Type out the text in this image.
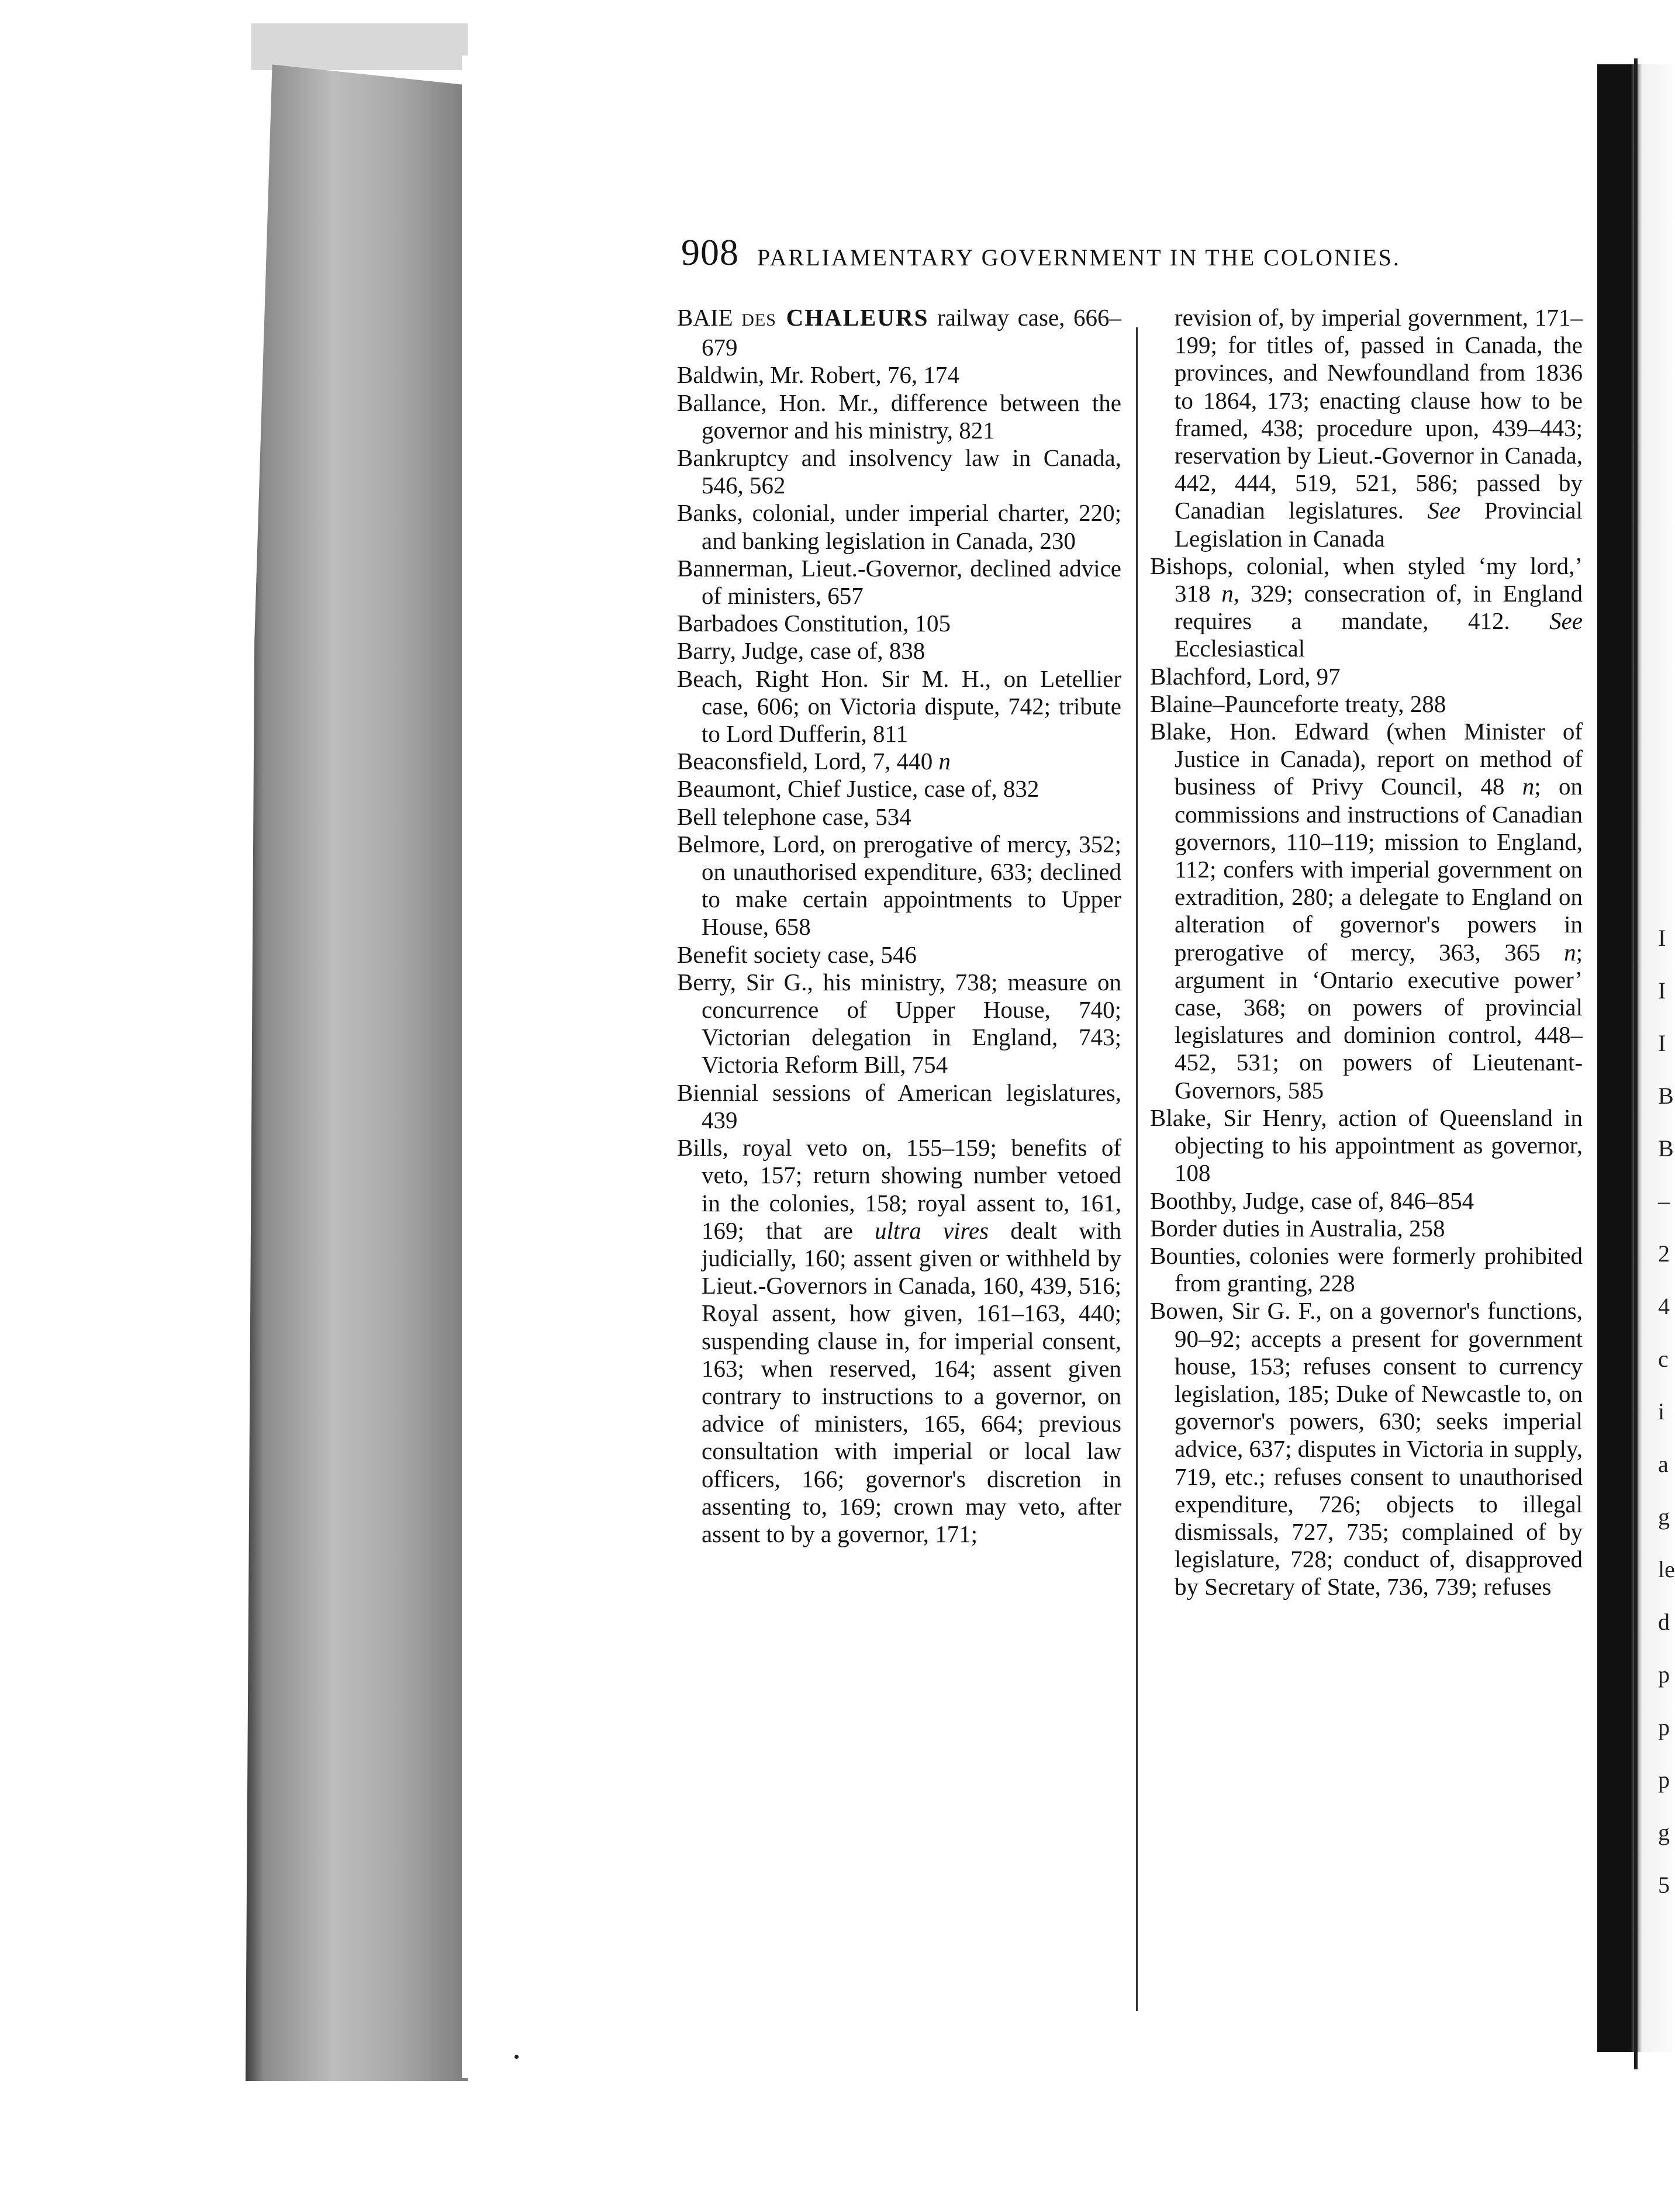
908 PARLIAMENTARY GOVERNMENT IN THE COLONIES.

BAIE DES CHALEURS railway case, 666–679

Baldwin, Mr. Robert, 76, 174

Ballance, Hon. Mr., difference between the governor and his ministry, 821

Bankruptcy and insolvency law in Canada, 546, 562

Banks, colonial, under imperial charter, 220; and banking legislation in Canada, 230

Bannerman, Lieut.-Governor, declined advice of ministers, 657

Barbadoes Constitution, 105

Barry, Judge, case of, 838

Beach, Right Hon. Sir M. H., on Letellier case, 606; on Victoria dispute, 742; tribute to Lord Dufferin, 811

Beaconsfield, Lord, 7, 440 n

Beaumont, Chief Justice, case of, 832

Bell telephone case, 534

Belmore, Lord, on prerogative of mercy, 352; on unauthorised expenditure, 633; declined to make certain appointments to Upper House, 658

Benefit society case, 546

Berry, Sir G., his ministry, 738; measure on concurrence of Upper House, 740; Victorian delegation in England, 743; Victoria Reform Bill, 754

Biennial sessions of American legislatures, 439

Bills, royal veto on, 155–159; benefits of veto, 157; return showing number vetoed in the colonies, 158; royal assent to, 161, 169; that are ultra vires dealt with judicially, 160; assent given or withheld by Lieut.-Governors in Canada, 160, 439, 516; Royal assent, how given, 161–163, 440; suspending clause in, for imperial consent, 163; when reserved, 164; assent given contrary to instructions to a governor, on advice of ministers, 165, 664; previous consultation with imperial or local law officers, 166; governor's discretion in assenting to, 169; crown may veto, after assent to by a governor, 171;

revision of, by imperial government, 171–199; for titles of, passed in Canada, the provinces, and Newfoundland from 1836 to 1864, 173; enacting clause how to be framed, 438; procedure upon, 439–443; reservation by Lieut.-Governor in Canada, 442, 444, 519, 521, 586; passed by Canadian legislatures. See Provincial Legislation in Canada

Bishops, colonial, when styled ‘my lord,’ 318 n, 329; consecration of, in England requires a mandate, 412. See Ecclesiastical

Blachford, Lord, 97

Blaine–Paunceforte treaty, 288

Blake, Hon. Edward (when Minister of Justice in Canada), report on method of business of Privy Council, 48 n; on commissions and instructions of Canadian governors, 110–119; mission to England, 112; confers with imperial government on extradition, 280; a delegate to England on alteration of governor's powers in prerogative of mercy, 363, 365 n; argument in ‘Ontario executive power’ case, 368; on powers of provincial legislatures and dominion control, 448–452, 531; on powers of Lieutenant-Governors, 585

Blake, Sir Henry, action of Queensland in objecting to his appointment as governor, 108

Boothby, Judge, case of, 846–854

Border duties in Australia, 258

Bounties, colonies were formerly prohibited from granting, 228

Bowen, Sir G. F., on a governor's functions, 90–92; accepts a present for government house, 153; refuses consent to currency legislation, 185; Duke of Newcastle to, on governor's powers, 630; seeks imperial advice, 637; disputes in Victoria in supply, 719, etc.; refuses consent to unauthorised expenditure, 726; objects to illegal dismissals, 727, 735; complained of by legislature, 728; conduct of, disapproved by Secretary of State, 736, 739; refuses

I
I
I
B
B
–
2
4
c
i
a
g
le
d
p
p
p
g
5
